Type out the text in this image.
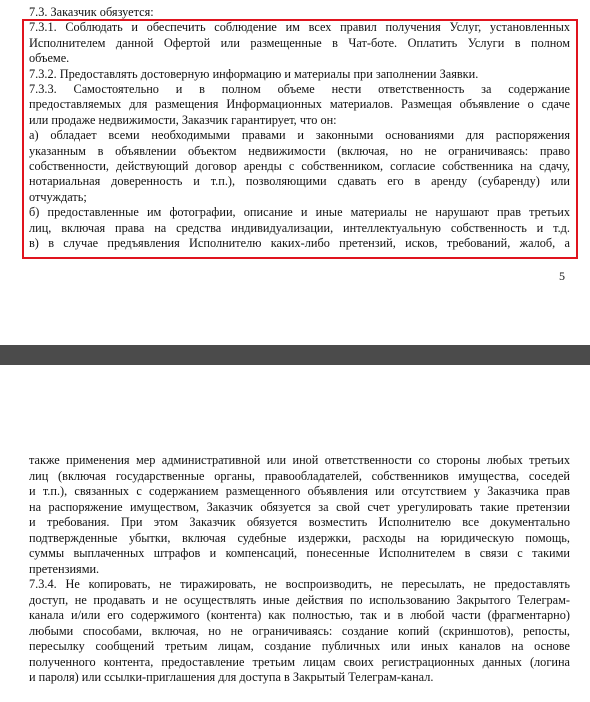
7.3. Заказчик обязуется:
7.3.1. Соблюдать и обеспечить соблюдение им всех правил получения Услуг, установленных
Исполнителем данной Офертой или размещенные в Чат-боте. Оплатить Услуги в полном
объеме.
7.3.2. Предоставлять достоверную информацию и материалы при заполнении Заявки.
7.3.3. Самостоятельно и в полном объеме нести ответственность за содержание
предоставляемых для размещения Информационных материалов. Размещая объявление о сдаче
или продаже недвижимости, Заказчик гарантирует, что он:
а) обладает всеми необходимыми правами и законными основаниями для распоряжения
указанным в объявлении объектом недвижимости (включая, но не ограничиваясь: право
собственности, действующий договор аренды с собственником, согласие собственника на сдачу,
нотариальная доверенность и т.п.), позволяющими сдавать его в аренду (субаренду) или
отчуждать;
б) предоставленные им фотографии, описание и иные материалы не нарушают прав третьих
лиц, включая права на средства индивидуализации, интеллектуальную собственность и т.д.
в) в случае предъявления Исполнителю каких-либо претензий, исков, требований, жалоб, а
5
также применения мер административной или иной ответственности со стороны любых третьих
лиц (включая государственные органы, правообладателей, собственников имущества, соседей
и т.п.), связанных с содержанием размещенного объявления или отсутствием у Заказчика прав
на распоряжение имуществом, Заказчик обязуется за свой счет урегулировать такие претензии
и требования. При этом Заказчик обязуется возместить Исполнителю все документально
подтвержденные убытки, включая судебные издержки, расходы на юридическую помощь,
суммы выплаченных штрафов и компенсаций, понесенные Исполнителем в связи с такими
претензиями.
7.3.4. Не копировать, не тиражировать, не воспроизводить, не пересылать, не предоставлять
доступ, не продавать и не осуществлять иные действия по использованию Закрытого Телеграм-
канала и/или его содержимого (контента) как полностью, так и в любой части (фрагментарно)
любыми способами, включая, но не ограничиваясь: создание копий (скриншотов), репосты,
пересылку сообщений третьим лицам, создание публичных или иных каналов на основе
полученного контента, предоставление третьим лицам своих регистрационных данных (логина
и пароля) или ссылки-приглашения для доступа в Закрытый Телеграм-канал.
